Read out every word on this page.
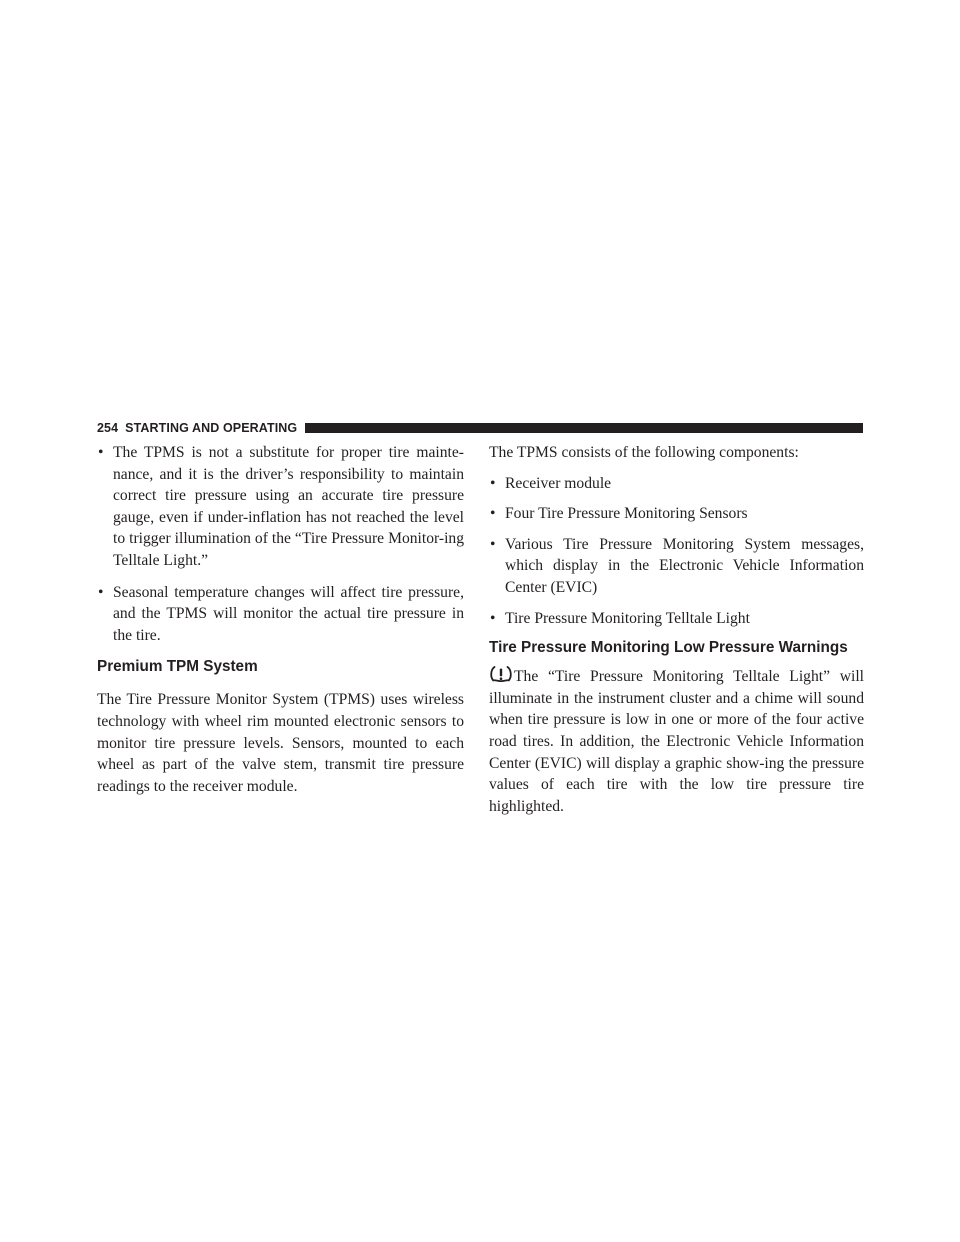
254 STARTING AND OPERATING
• The TPMS is not a substitute for proper tire mainte-nance, and it is the driver’s responsibility to maintain correct tire pressure using an accurate tire pressure gauge, even if under-inflation has not reached the level to trigger illumination of the “Tire Pressure Monitor-ing Telltale Light.”
• Seasonal temperature changes will affect tire pressure, and the TPMS will monitor the actual tire pressure in the tire.
Premium TPM System

The Tire Pressure Monitor System (TPMS) uses wireless technology with wheel rim mounted electronic sensors to monitor tire pressure levels. Sensors, mounted to each wheel as part of the valve stem, transmit tire pressure readings to the receiver module.

The TPMS consists of the following components:

• Receiver module
• Four Tire Pressure Monitoring Sensors
• Various Tire Pressure Monitoring System messages, which display in the Electronic Vehicle Information Center (EVIC)
• Tire Pressure Monitoring Telltale Light
Tire Pressure Monitoring Low Pressure Warnings

The “Tire Pressure Monitoring Telltale Light” will illuminate in the instrument cluster and a chime will sound when tire pressure is low in one or more of the four active road tires. In addition, the Electronic Vehicle Information Center (EVIC) will display a graphic show-ing the pressure values of each tire with the low tire pressure tire highlighted.
